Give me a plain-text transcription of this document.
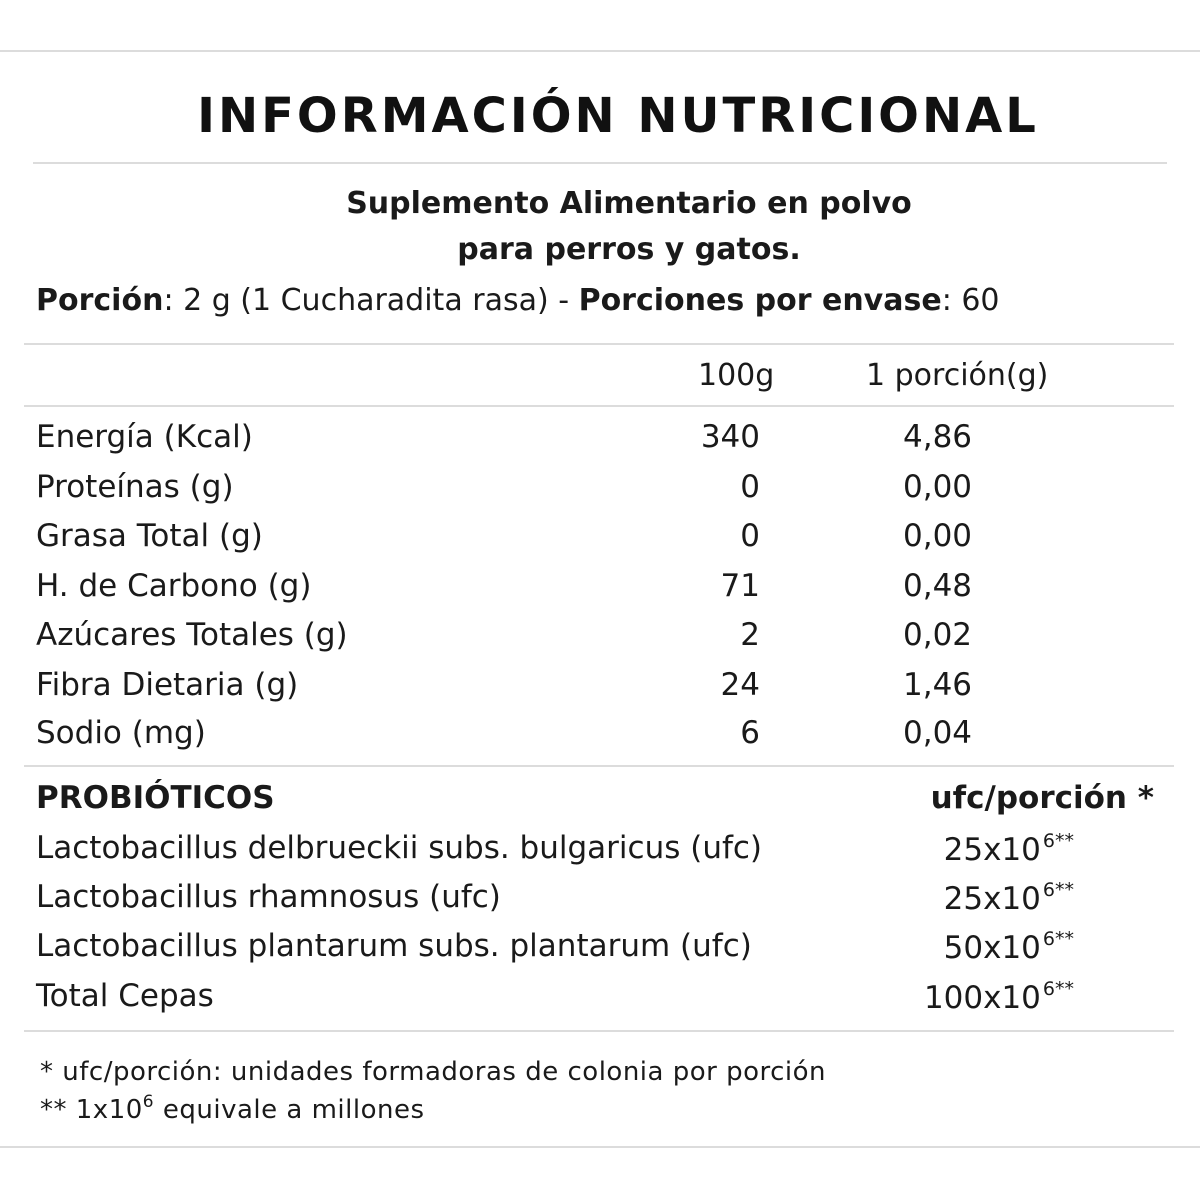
INFORMACIÓN NUTRICIONAL
Suplemento Alimentario en polvo
para perros y gatos.
Porción: 2 g (1 Cucharadita rasa) - Porciones por envase: 60
100g	1 porción(g)
Energía (Kcal)	340	4,86
Proteínas (g)	0	0,00
Grasa Total (g)	0	0,00
H. de Carbono (g)	71	0,48
Azúcares Totales (g)	2	0,02
Fibra Dietaria (g)	24	1,46
Sodio (mg)	6	0,04
PROBIÓTICOS	ufc/porción *
Lactobacillus delbrueckii subs. bulgaricus (ufc)	25x10 $^{6**}$
Lactobacillus rhamnosus (ufc)	25x10 $^{6**}$
Lactobacillus plantarum subs. plantarum (ufc)	50x10 $^{6**}$
Total Cepas	100x10 $^{6**}$
* ufc/porción: unidades formadoras de colonia por porción
** $1x10^6$ equivale a millones
